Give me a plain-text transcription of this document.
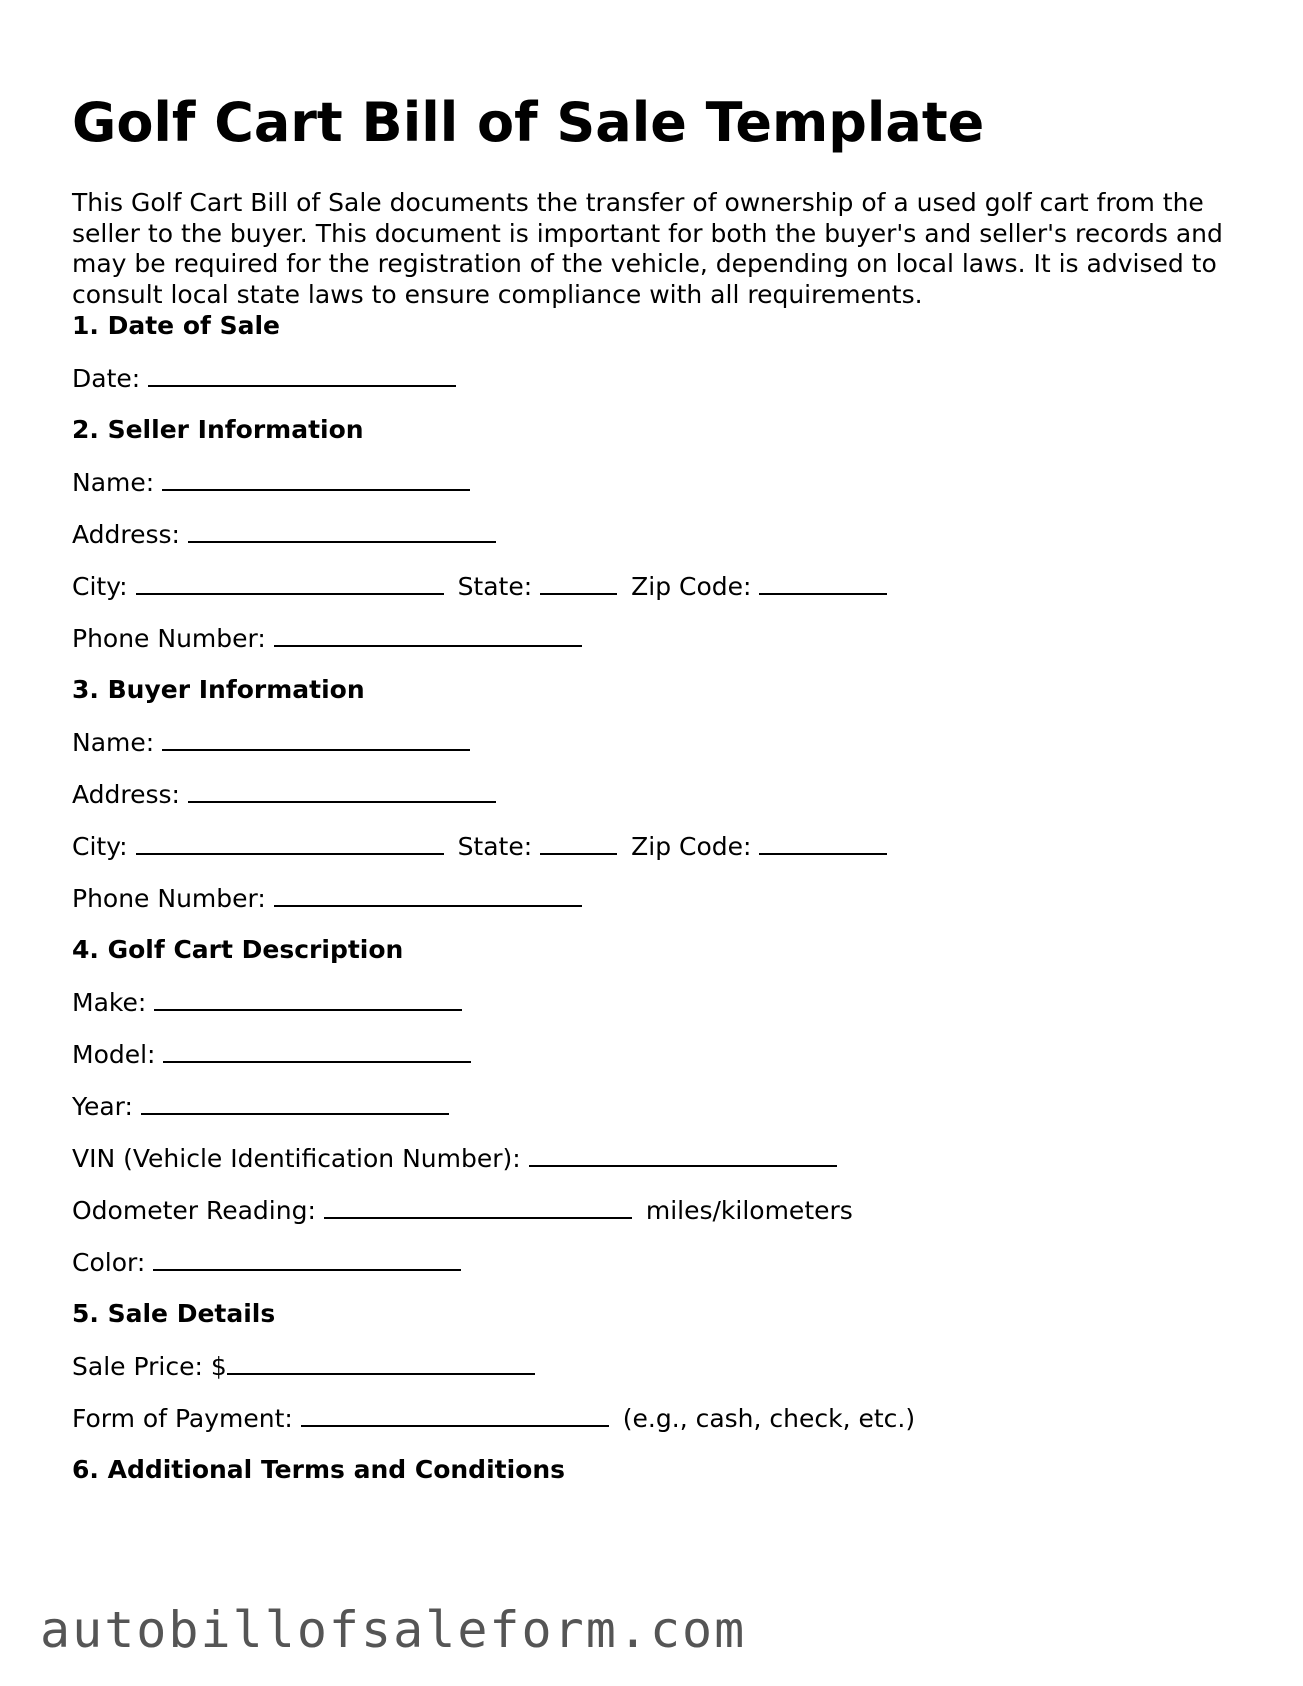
Golf Cart Bill of Sale Template

This Golf Cart Bill of Sale documents the transfer of ownership of a used golf cart from the seller to the buyer. This document is important for both the buyer's and seller's records and may be required for the registration of the vehicle, depending on local laws. It is advised to consult local state laws to ensure compliance with all requirements.

1. Date of Sale
Date:
2. Seller Information
Name:
Address:
City:	State:	Zip Code:
Phone Number:
3. Buyer Information
Name:
Address:
City:	State:	Zip Code:
Phone Number:
4. Golf Cart Description
Make:
Model:
Year:
VIN (Vehicle Identification Number):
Odometer Reading:	miles/kilometers
Color:
5. Sale Details
Sale Price: $
Form of Payment:	(e.g., cash, check, etc.)
6. Additional Terms and Conditions
autobillofsaleform.com
